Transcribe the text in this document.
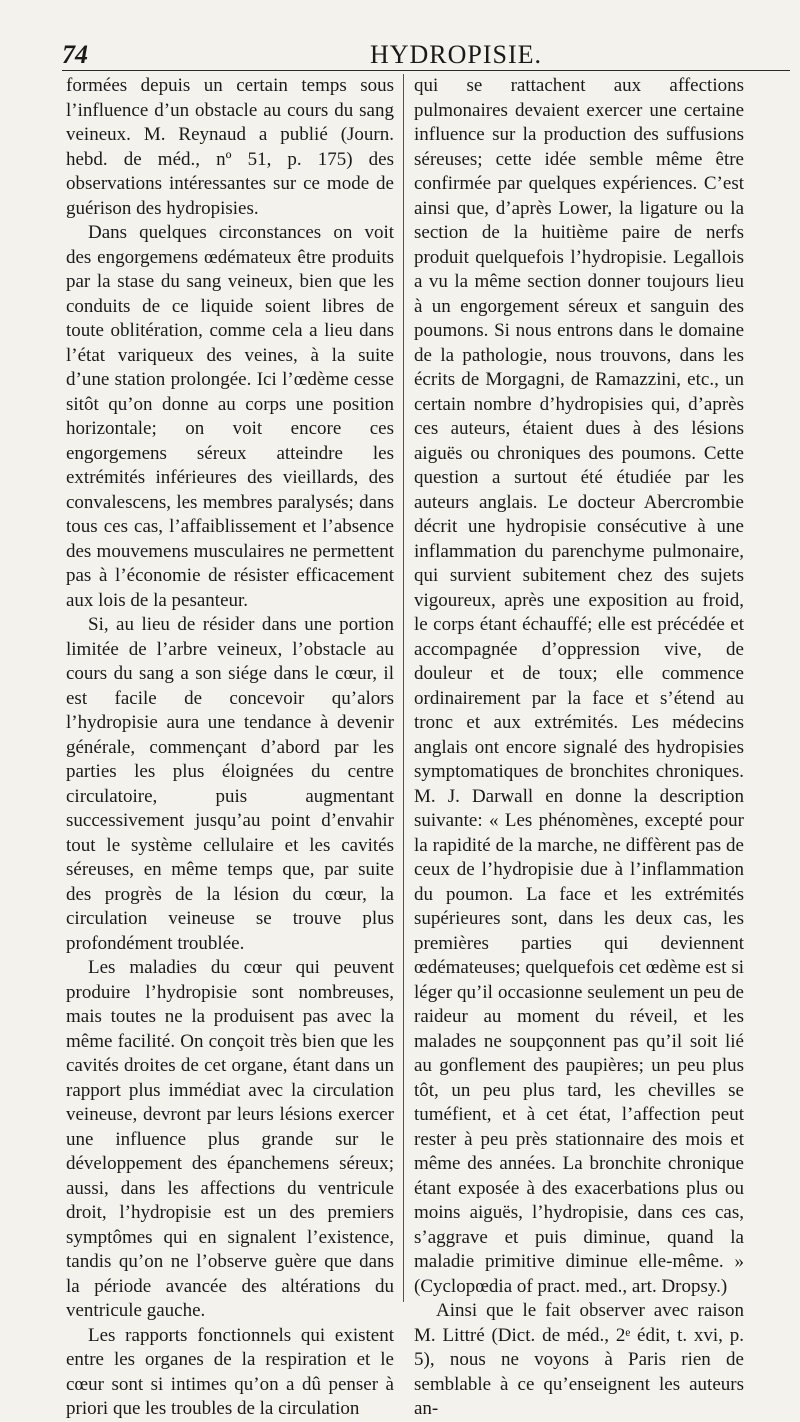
74	HYDROPISIE.

formées depuis un certain temps sous l’influence d’un obstacle au cours du sang veineux. M. Reynaud a publié (Journ. hebd. de méd., nº 51, p. 175) des observations intéressantes sur ce mode de guérison des hydropisies.

Dans quelques circonstances on voit des engorgemens œdémateux être produits par la stase du sang veineux, bien que les conduits de ce liquide soient libres de toute oblitération, comme cela a lieu dans l’état variqueux des veines, à la suite d’une station prolongée. Ici l’œdème cesse sitôt qu’on donne au corps une position horizontale; on voit encore ces engorgemens séreux atteindre les extrémités inférieures des vieillards, des convalescens, les membres paralysés; dans tous ces cas, l’affaiblissement et l’absence des mouvemens musculaires ne permettent pas à l’économie de résister efficacement aux lois de la pesanteur.

Si, au lieu de résider dans une portion limitée de l’arbre veineux, l’obstacle au cours du sang a son siége dans le cœur, il est facile de concevoir qu’alors l’hydropisie aura une tendance à devenir générale, commençant d’abord par les parties les plus éloignées du centre circulatoire, puis augmentant successivement jusqu’au point d’envahir tout le système cellulaire et les cavités séreuses, en même temps que, par suite des progrès de la lésion du cœur, la circulation veineuse se trouve plus profondément troublée.

Les maladies du cœur qui peuvent produire l’hydropisie sont nombreuses, mais toutes ne la produisent pas avec la même facilité. On conçoit très bien que les cavités droites de cet organe, étant dans un rapport plus immédiat avec la circulation veineuse, devront par leurs lésions exercer une influence plus grande sur le développement des épanchemens séreux; aussi, dans les affections du ventricule droit, l’hydropisie est un des premiers symptômes qui en signalent l’existence, tandis qu’on ne l’observe guère que dans la période avancée des altérations du ventricule gauche.

Les rapports fonctionnels qui existent entre les organes de la respiration et le cœur sont si intimes qu’on a dû penser à priori que les troubles de la circulation

qui se rattachent aux affections pulmonaires devaient exercer une certaine influence sur la production des suffusions séreuses; cette idée semble même être confirmée par quelques expériences. C’est ainsi que, d’après Lower, la ligature ou la section de la huitième paire de nerfs produit quelquefois l’hydropisie. Legallois a vu la même section donner toujours lieu à un engorgement séreux et sanguin des poumons. Si nous entrons dans le domaine de la pathologie, nous trouvons, dans les écrits de Morgagni, de Ramazzini, etc., un certain nombre d’hydropisies qui, d’après ces auteurs, étaient dues à des lésions aiguës ou chroniques des poumons. Cette question a surtout été étudiée par les auteurs anglais. Le docteur Abercrombie décrit une hydropisie consécutive à une inflammation du parenchyme pulmonaire, qui survient subitement chez des sujets vigoureux, après une exposition au froid, le corps étant échauffé; elle est précédée et accompagnée d’oppression vive, de douleur et de toux; elle commence ordinairement par la face et s’étend au tronc et aux extrémités. Les médecins anglais ont encore signalé des hydropisies symptomatiques de bronchites chroniques. M. J. Darwall en donne la description suivante: « Les phénomènes, excepté pour la rapidité de la marche, ne diffèrent pas de ceux de l’hydropisie due à l’inflammation du poumon. La face et les extrémités supérieures sont, dans les deux cas, les premières parties qui deviennent œdémateuses; quelquefois cet œdème est si léger qu’il occasionne seulement un peu de raideur au moment du réveil, et les malades ne soupçonnent pas qu’il soit lié au gonflement des paupières; un peu plus tôt, un peu plus tard, les chevilles se tuméfient, et à cet état, l’affection peut rester à peu près stationnaire des mois et même des années. La bronchite chronique étant exposée à des exacerbations plus ou moins aiguës, l’hydropisie, dans ces cas, s’aggrave et puis diminue, quand la maladie primitive diminue elle-même. » (Cyclopœdia of pract. med., art. Dropsy.)

Ainsi que le fait observer avec raison M. Littré (Dict. de méd., 2ᵉ édit, t. xvi, p. 5), nous ne voyons à Paris rien de semblable à ce qu’enseignent les auteurs an-
